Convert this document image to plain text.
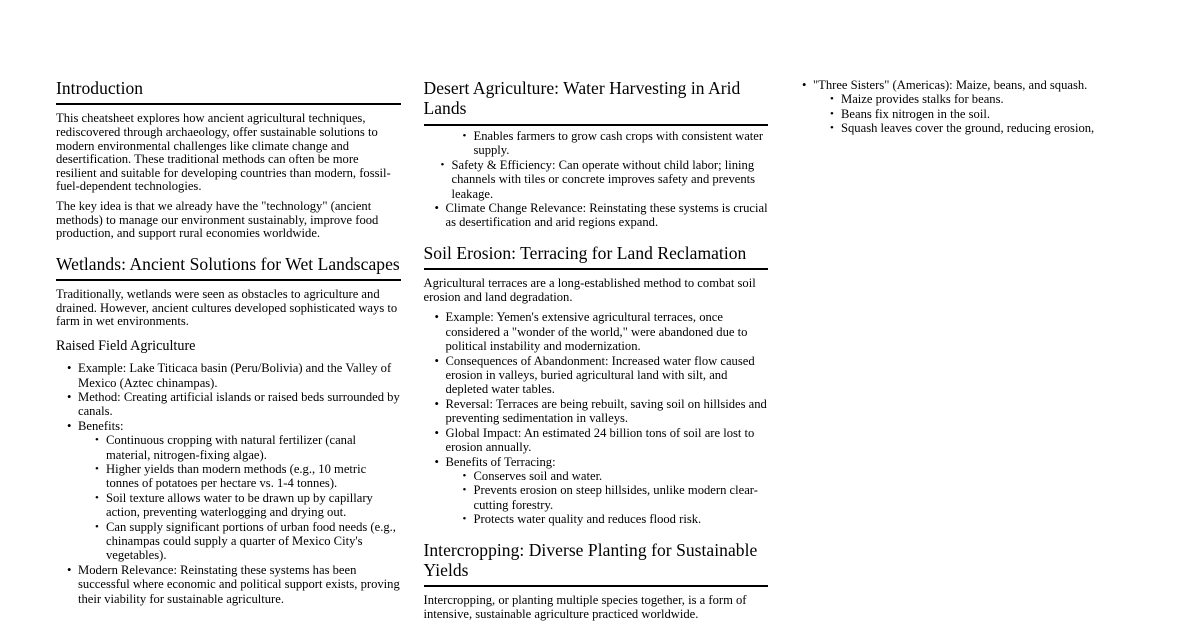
Introduction

This cheatsheet explores how ancient agricultural techniques, rediscovered through archaeology, offer sustainable solutions to modern environmental challenges like climate change and desertification. These traditional methods can often be more resilient and suitable for developing countries than modern, fossil-fuel-dependent technologies.

The key idea is that we already have the "technology" (ancient methods) to manage our environment sustainably, improve food production, and support rural economies worldwide.

Wetlands: Ancient Solutions for Wet Landscapes

Traditionally, wetlands were seen as obstacles to agriculture and drained. However, ancient cultures developed sophisticated ways to farm in wet environments.

Raised Field Agriculture
• Example: Lake Titicaca basin (Peru/Bolivia) and the Valley of Mexico (Aztec chinampas).
• Method: Creating artificial islands or raised beds surrounded by canals.
• Benefits:
• Continuous cropping with natural fertilizer (canal material, nitrogen-fixing algae).
• Higher yields than modern methods (e.g., 10 metric tonnes of potatoes per hectare vs. 1-4 tonnes).
• Soil texture allows water to be drawn up by capillary action, preventing waterlogging and drying out.
• Can supply significant portions of urban food needs (e.g., chinampas could supply a quarter of Mexico City's vegetables).
• Modern Relevance: Reinstating these systems has been successful where economic and political support exists, proving their viability for sustainable agriculture.
Desert Agriculture: Water Harvesting in Arid Lands
• Enables farmers to grow cash crops with consistent water supply.
• Safety & Efficiency: Can operate without child labor; lining channels with tiles or concrete improves safety and prevents leakage.
• Climate Change Relevance: Reinstating these systems is crucial as desertification and arid regions expand.
Soil Erosion: Terracing for Land Reclamation

Agricultural terraces are a long-established method to combat soil erosion and land degradation.

• Example: Yemen's extensive agricultural terraces, once considered a "wonder of the world," were abandoned due to political instability and modernization.
• Consequences of Abandonment: Increased water flow caused erosion in valleys, buried agricultural land with silt, and depleted water tables.
• Reversal: Terraces are being rebuilt, saving soil on hillsides and preventing sedimentation in valleys.
• Global Impact: An estimated 24 billion tons of soil are lost to erosion annually.
• Benefits of Terracing:
• Conserves soil and water.
• Prevents erosion on steep hillsides, unlike modern clear-cutting forestry.
• Protects water quality and reduces flood risk.
Intercropping: Diverse Planting for Sustainable Yields

Intercropping, or planting multiple species together, is a form of intensive, sustainable agriculture practiced worldwide.

• "Three Sisters" (Americas): Maize, beans, and squash.
• Maize provides stalks for beans.
• Beans fix nitrogen in the soil.
• Squash leaves cover the ground, reducing erosion,
